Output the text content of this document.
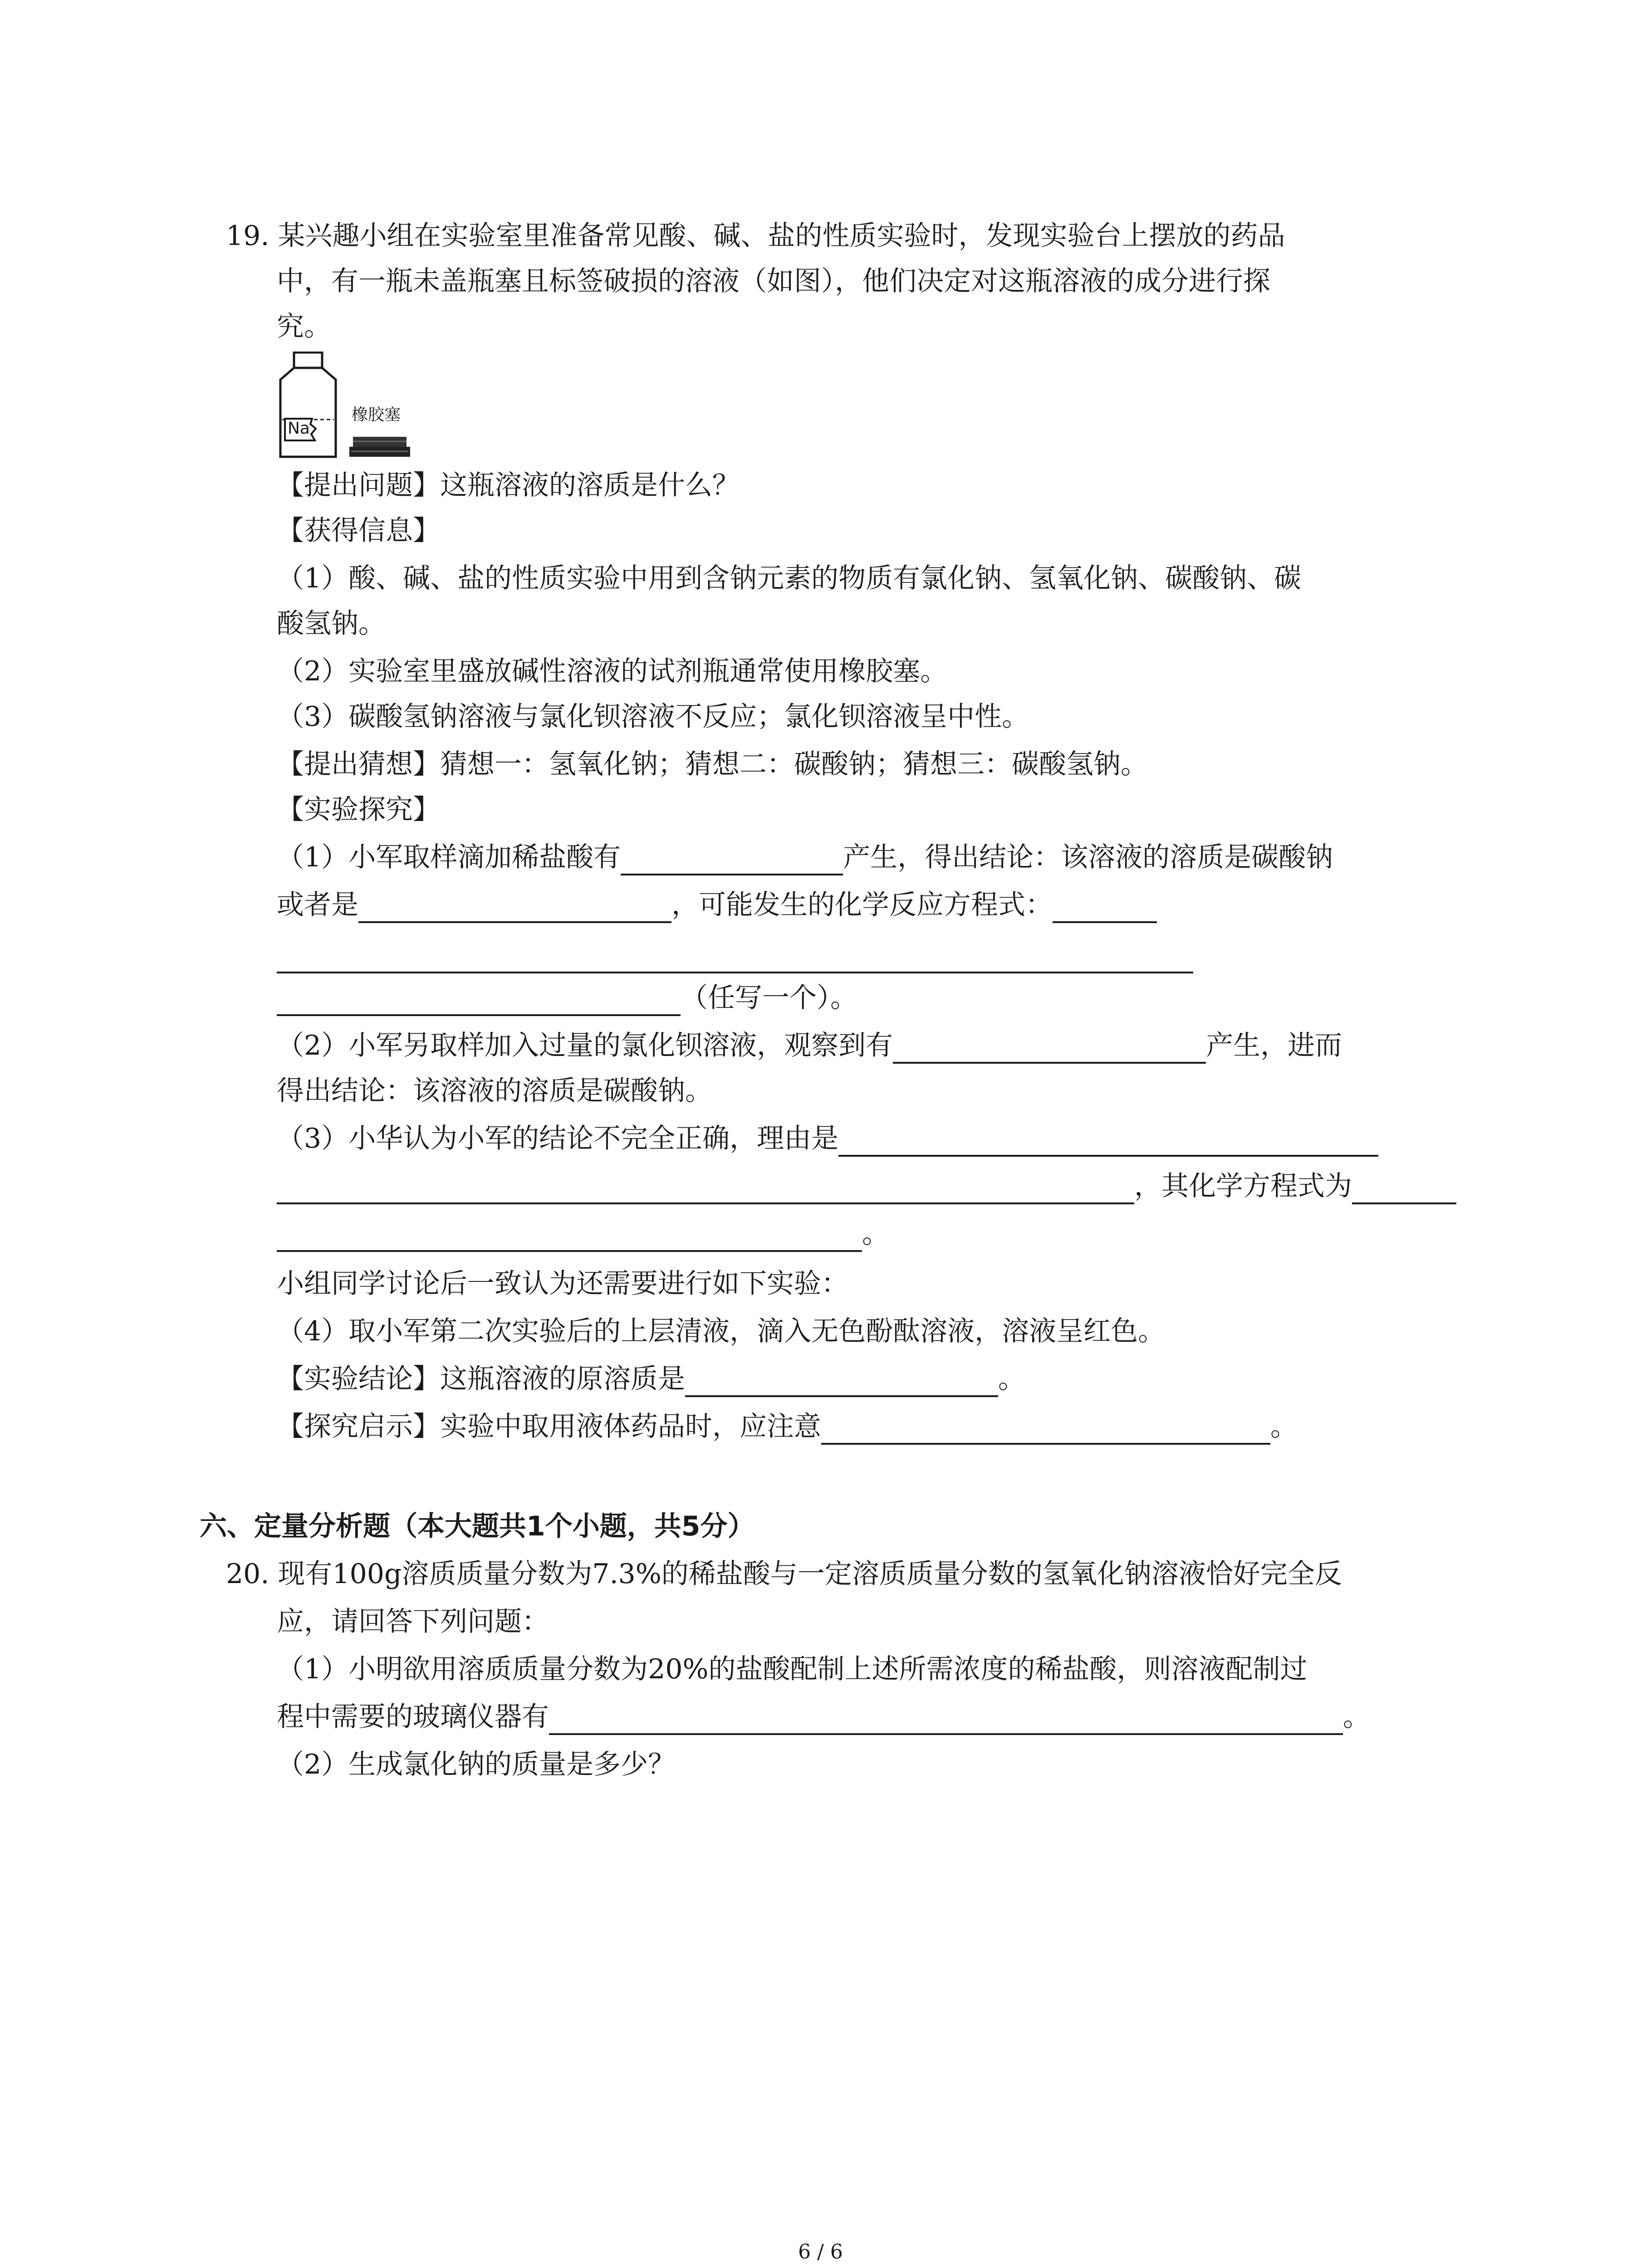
19. 某兴趣小组在实验室里准备常见酸、碱、盐的性质实验时，发现实验台上摆放的药品
中，有一瓶未盖瓶塞且标签破损的溶液（如图），他们决定对这瓶溶液的成分进行探
究。
Na
橡胶塞
【提出问题】这瓶溶液的溶质是什么？
【获得信息】
（1）酸、碱、盐的性质实验中用到含钠元素的物质有氯化钠、氢氧化钠、碳酸钠、碳
酸氢钠。
（2）实验室里盛放碱性溶液的试剂瓶通常使用橡胶塞。
（3）碳酸氢钠溶液与氯化钡溶液不反应；氯化钡溶液呈中性。
【提出猜想】猜想一：氢氧化钠；猜想二：碳酸钠；猜想三：碳酸氢钠。
【实验探究】
（1）小军取样滴加稀盐酸有	产生，得出结论：该溶液的溶质是碳酸钠
或者是	，可能发生的化学反应方程式：
（任写一个）。
（2）小军另取样加入过量的氯化钡溶液，观察到有	产生，进而
得出结论：该溶液的溶质是碳酸钠。
（3）小华认为小军的结论不完全正确，理由是
，其化学方程式为
。
小组同学讨论后一致认为还需要进行如下实验：
（4）取小军第二次实验后的上层清液，滴入无色酚酞溶液，溶液呈红色。
【实验结论】这瓶溶液的原溶质是	。
【探究启示】实验中取用液体药品时，应注意	。
六、定量分析题（本大题共1个小题，共5分）
20. 现有100g溶质质量分数为7.3%的稀盐酸与一定溶质质量分数的氢氧化钠溶液恰好完全反
应，请回答下列问题：
（1）小明欲用溶质质量分数为20%的盐酸配制上述所需浓度的稀盐酸，则溶液配制过
程中需要的玻璃仪器有	。
（2）生成氯化钠的质量是多少？
6 / 6
